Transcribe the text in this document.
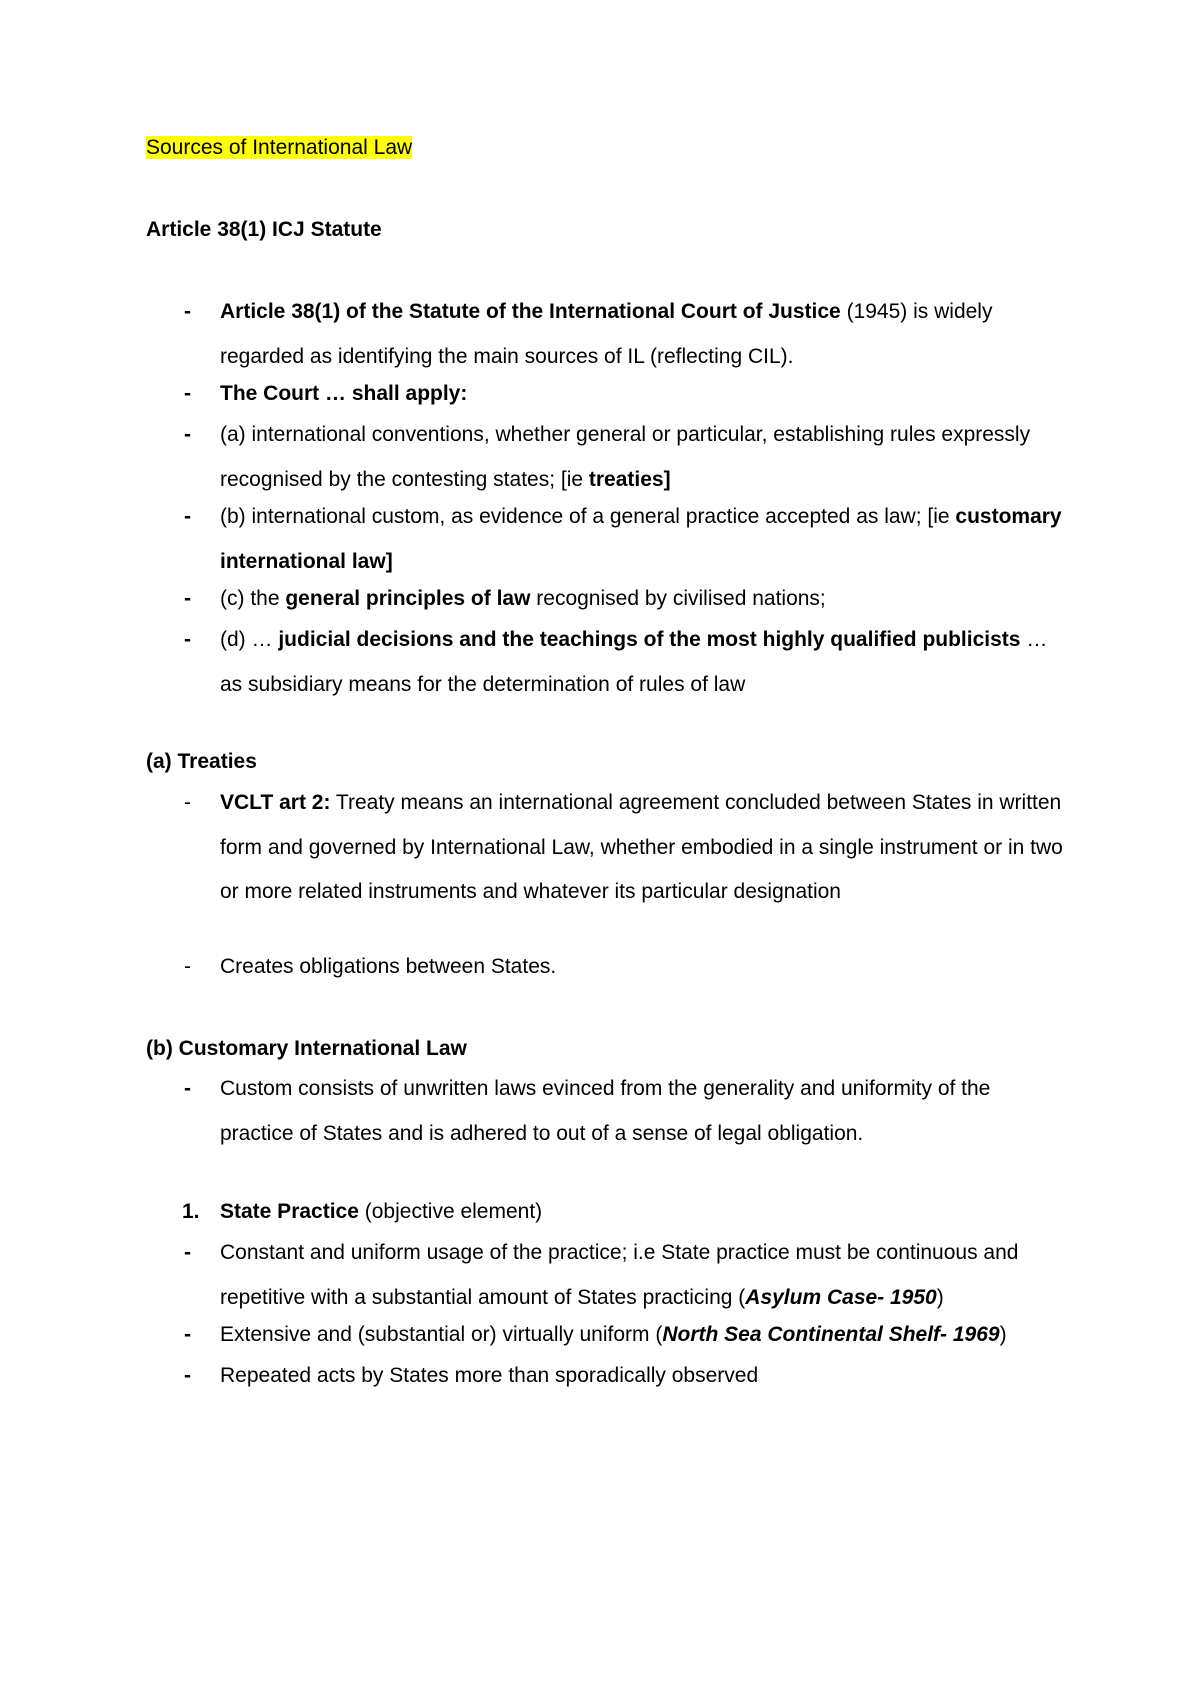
Sources of International Law
Article 38(1) ICJ Statute
-	Article 38(1) of the Statute of the International Court of Justice (1945) is widely regarded as identifying the main sources of IL (reflecting CIL).
-	The Court … shall apply:
-	(a) international conventions, whether general or particular, establishing rules expressly recognised by the contesting states; [ie treaties]
-	(b) international custom, as evidence of a general practice accepted as law; [ie customary international law]
-	(c) the general principles of law recognised by civilised nations;
-	(d) … judicial decisions and the teachings of the most highly qualified publicists … as subsidiary means for the determination of rules of law
(a) Treaties
-	VCLT art 2: Treaty means an international agreement concluded between States in written form and governed by International Law, whether embodied in a single instrument or in two or more related instruments and whatever its particular designation
-	Creates obligations between States.
(b) Customary International Law
-	Custom consists of unwritten laws evinced from the generality and uniformity of the practice of States and is adhered to out of a sense of legal obligation.
1. State Practice (objective element)
-	Constant and uniform usage of the practice; i.e State practice must be continuous and repetitive with a substantial amount of States practicing (Asylum Case- 1950)
-	Extensive and (substantial or) virtually uniform (North Sea Continental Shelf- 1969)
-	Repeated acts by States more than sporadically observed
